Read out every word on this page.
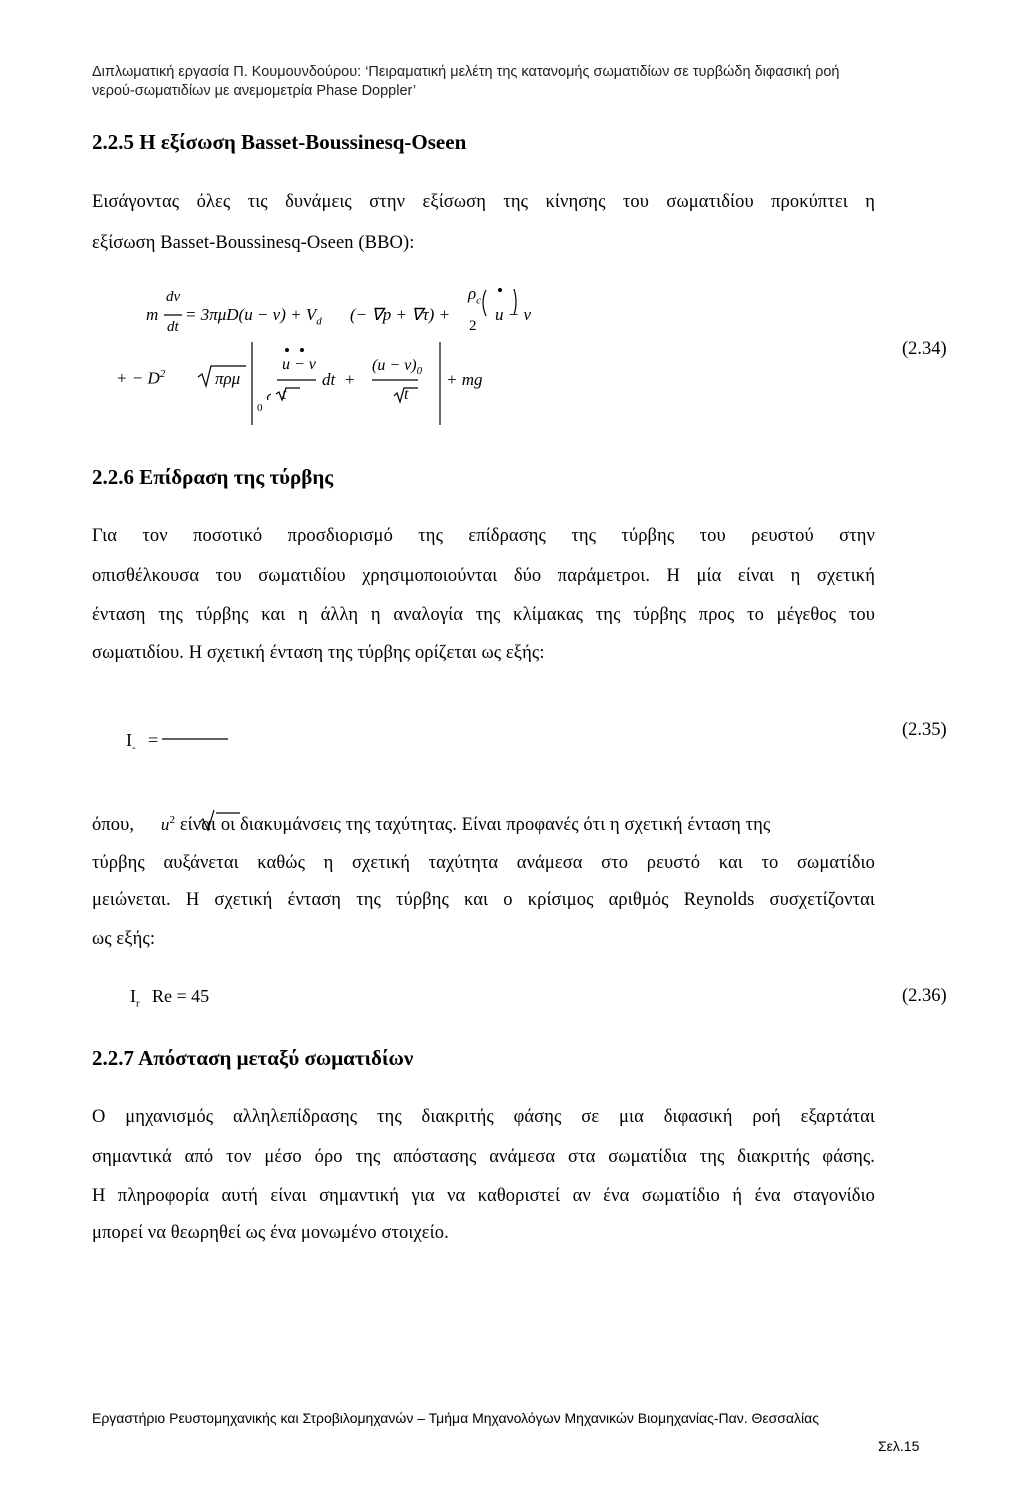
Διπλωματική εργασία Π. Κουμουνδούρου: ‘Πειραματική μελέτη της κατανομής σωματιδίων σε τυρβώδη διφασική ροή
νερού-σωματιδίων με ανεμομετρία Phase Doppler’
2.2.5 Η εξίσωση Basset-Boussinesq-Oseen
Εισάγοντας όλες τις δυνάμεις στην εξίσωση της κίνησης του σωματιδίου προκύπτει η
εξίσωση Basset-Boussinesq-Oseen (BBO):
m
dv
dt
= $3\pi\mu D(u - v) + V_d$ (− ∇p + ∇τ) +
$\rho_c$
2
u − v
+ − $D^2$	πρμ
0
u − v
t
dt +
$(u - v)_0$
t
+ mg
(2.34)
2.2.6 Επίδραση της τύρβης
Για τον ποσοτικό προσδιορισμό της επίδρασης της τύρβης του ρευστού στην
οπισθέλκουσα του σωματιδίου χρησιμοποιούνται δύο παράμετροι. Η μία είναι η σχετική
ένταση της τύρβης και η άλλη η αναλογία της κλίμακας της τύρβης προς το μέγεθος του
σωματιδίου. Η σχετική ένταση της τύρβης ορίζεται ως εξής:
$I_-$ =	(2.35)
όπου, $u^2$ είναι οι διακυμάνσεις της ταχύτητας. Είναι προφανές ότι η σχετική ένταση της
τύρβης αυξάνεται καθώς η σχετική ταχύτητα ανάμεσα στο ρευστό και το σωματίδιο
μειώνεται. Η σχετική ένταση της τύρβης και ο κρίσιμος αριθμός Reynolds συσχετίζονται
ως εξής:
$I_r$ Re = 45	(2.36)
2.2.7 Απόσταση μεταξύ σωματιδίων
Ο μηχανισμός αλληλεπίδρασης της διακριτής φάσης σε μια διφασική ροή εξαρτάται
σημαντικά από τον μέσο όρο της απόστασης ανάμεσα στα σωματίδια της διακριτής φάσης.
Η πληροφορία αυτή είναι σημαντική για να καθοριστεί αν ένα σωματίδιο ή ένα σταγονίδιο
μπορεί να θεωρηθεί ως ένα μονωμένο στοιχείο.
Εργαστήριο Ρευστομηχανικής και Στροβιλομηχανών – Τμήμα Μηχανολόγων Μηχανικών Βιομηχανίας-Παν. Θεσσαλίας
Σελ.15
